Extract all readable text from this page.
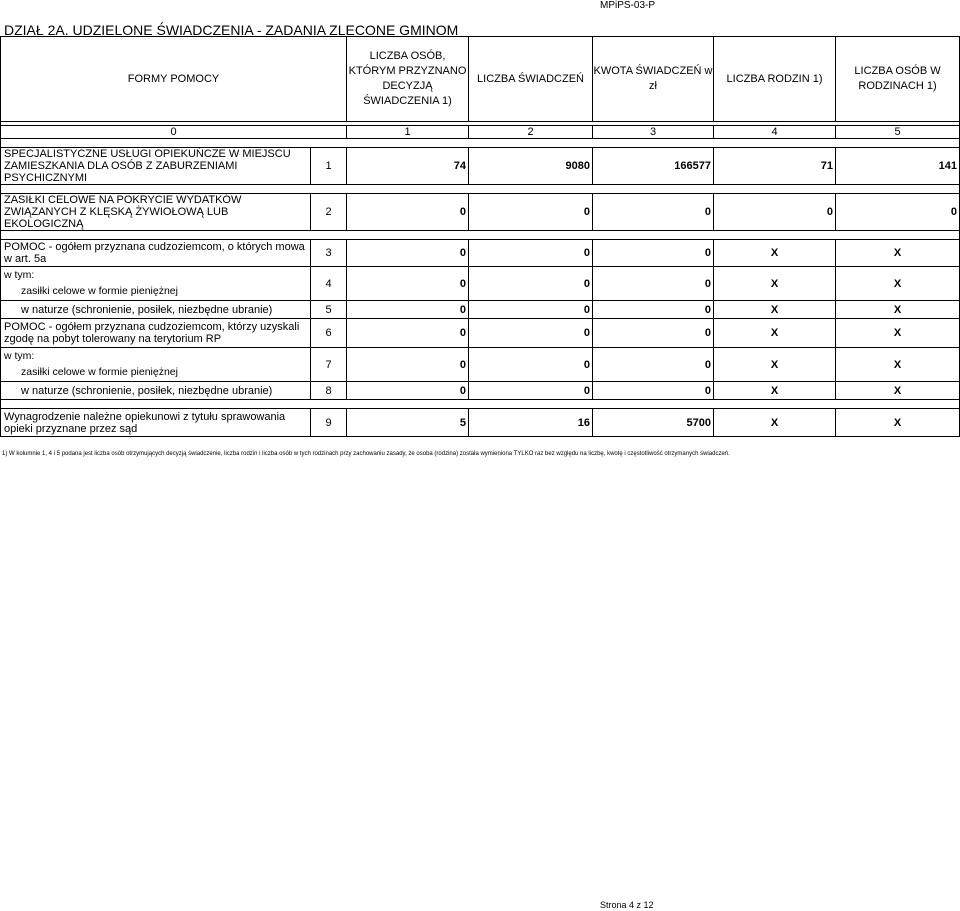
MPiPS-03-P
DZIAŁ 2A. UDZIELONE ŚWIADCZENIA - ZADANIA ZLECONE GMINOM
FORMY POMOCY		LICZBA OSÓB, KTÓRYM PRZYZNANO DECYZJĄ ŚWIADCZENIA 1)	LICZBA ŚWIADCZEŃ	KWOTA ŚWIADCZEŃ w zł	LICZBA RODZIN 1)	LICZBA OSÓB W RODZINACH 1)

0		1	2	3	4	5

SPECJALISTYCZNE USŁUGI OPIEKUŃCZE W MIEJSCU ZAMIESZKANIA DLA OSÓB Z ZABURZENIAMI PSYCHICZNYMI	1	74	9080	166577	71	141

ZASIŁKI CELOWE NA POKRYCIE WYDATKÓW ZWIĄZANYCH Z KLĘSKĄ ŻYWIOŁOWĄ LUB EKOLOGICZNĄ	2	0	0	0	0	0

POMOC - ogółem przyznana cudzoziemcom, o których mowa w art. 5a	3	0	0	0	X	X

w tym:
zasiłki celowe w formie pieniężnej	4	0	0	0	X	X
w naturze (schronienie, posiłek, niezbędne ubranie)	5	0	0	0	X	X
POMOC - ogółem przyznana cudzoziemcom, którzy uzyskali zgodę na pobyt tolerowany na terytorium RP	6	0	0	0	X	X

w tym:
zasiłki celowe w formie pieniężnej	7	0	0	0	X	X
w naturze (schronienie, posiłek, niezbędne ubranie)	8	0	0	0	X	X

Wynagrodzenie należne opiekunowi z tytułu sprawowania opieki przyznane przez sąd	9	5	16	5700	X	X
1) W kolumnie 1, 4 i 5 podana jest liczba osób otrzymujących decyzją świadczenie, liczba rodzin i liczba osób w tych rodzinach przy zachowaniu zasady, że osoba (rodzina) została wymieniona TYLKO raz bez względu na liczbę, kwotę i częstotliwość otrzymanych świadczeń.
Strona 4 z 12
